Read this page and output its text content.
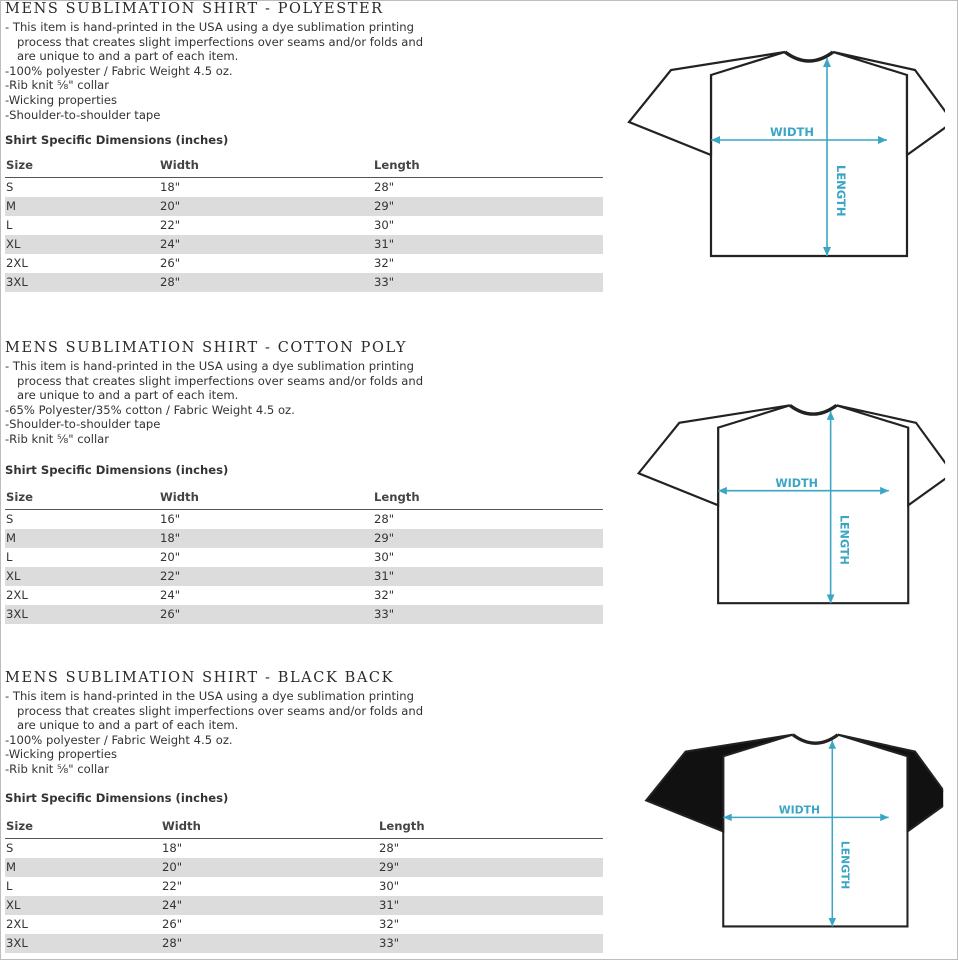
MENS SUBLIMATION SHIRT - POLYESTER
- This item is hand-printed in the USA using a dye sublimation printing
process that creates slight imperfections over seams and/or folds and
are unique to and a part of each item.
-100% polyester / Fabric Weight 4.5 oz.
-Rib knit ⅝" collar
-Wicking properties
-Shoulder-to-shoulder tape
Shirt Specific Dimensions (inches)
Size	Width	Length
S	18"	28"
M	20"	29"
L	22"	30"
XL	24"	31"
2XL	26"	32"
3XL	28"	33"
WIDTH
LENGTH
MENS SUBLIMATION SHIRT - COTTON POLY
- This item is hand-printed in the USA using a dye sublimation printing
process that creates slight imperfections over seams and/or folds and
are unique to and a part of each item.
-65% Polyester/35% cotton / Fabric Weight 4.5 oz.
-Shoulder-to-shoulder tape
-Rib knit ⅝" collar
Shirt Specific Dimensions (inches)
Size	Width	Length
S	16"	28"
M	18"	29"
L	20"	30"
XL	22"	31"
2XL	24"	32"
3XL	26"	33"
WIDTH
LENGTH
MENS SUBLIMATION SHIRT - BLACK BACK
- This item is hand-printed in the USA using a dye sublimation printing
process that creates slight imperfections over seams and/or folds and
are unique to and a part of each item.
-100% polyester / Fabric Weight 4.5 oz.
-Wicking properties
-Rib knit ⅝" collar
Shirt Specific Dimensions (inches)
Size	Width	Length
S	18"	28"
M	20"	29"
L	22"	30"
XL	24"	31"
2XL	26"	32"
3XL	28"	33"
WIDTH
LENGTH
